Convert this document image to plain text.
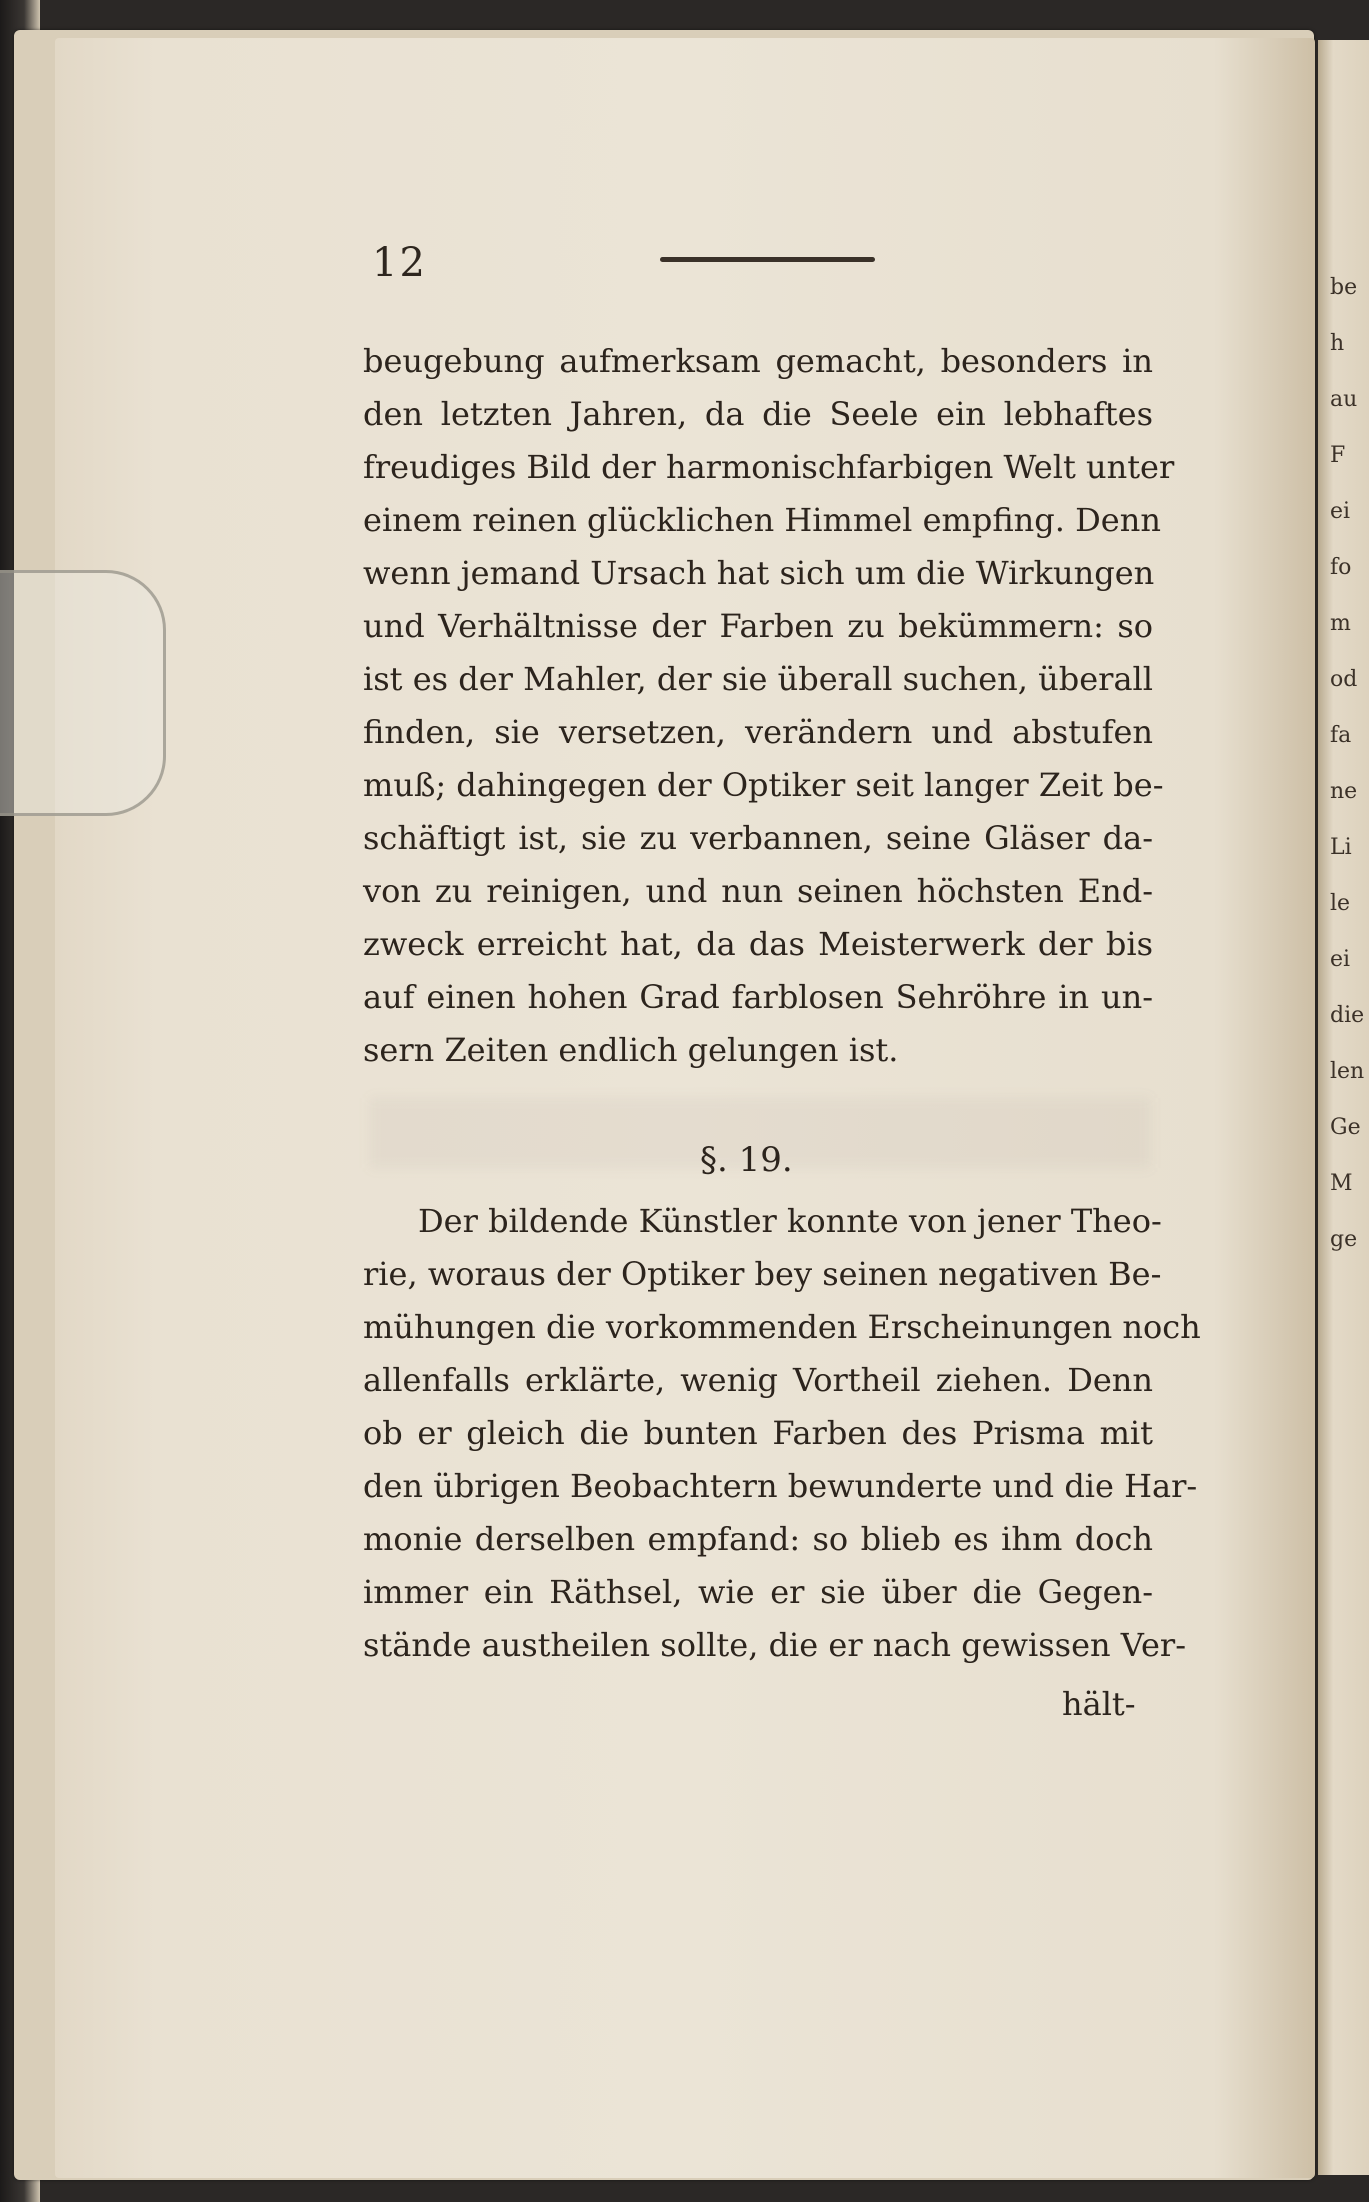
be
h
au
F
ei
fo
m
od
fa
ne
Li
le
ei
die
len
Ge
M
ge
12
beugebung aufmerksam gemacht, besonders in
den letzten Jahren, da die Seele ein lebhaftes
freudiges Bild der harmonischfarbigen Welt unter
einem reinen glücklichen Himmel empfing. Denn
wenn jemand Ursach hat sich um die Wirkungen
und Verhältnisse der Farben zu bekümmern: so
ist es der Mahler, der sie überall suchen, überall
finden, sie versetzen, verändern und abstufen
muß; dahingegen der Optiker seit langer Zeit be-
schäftigt ist, sie zu verbannen, seine Gläser da-
von zu reinigen, und nun seinen höchsten End-
zweck erreicht hat, da das Meisterwerk der bis
auf einen hohen Grad farblosen Sehröhre in un-
sern Zeiten endlich gelungen ist.
§. 19.
Der bildende Künstler konnte von jener Theo-
rie, woraus der Optiker bey seinen negativen Be-
mühungen die vorkommenden Erscheinungen noch
allenfalls erklärte, wenig Vortheil ziehen. Denn
ob er gleich die bunten Farben des Prisma mit
den übrigen Beobachtern bewunderte und die Har-
monie derselben empfand: so blieb es ihm doch
immer ein Räthsel, wie er sie über die Gegen-
stände austheilen sollte, die er nach gewissen Ver-
hält-
